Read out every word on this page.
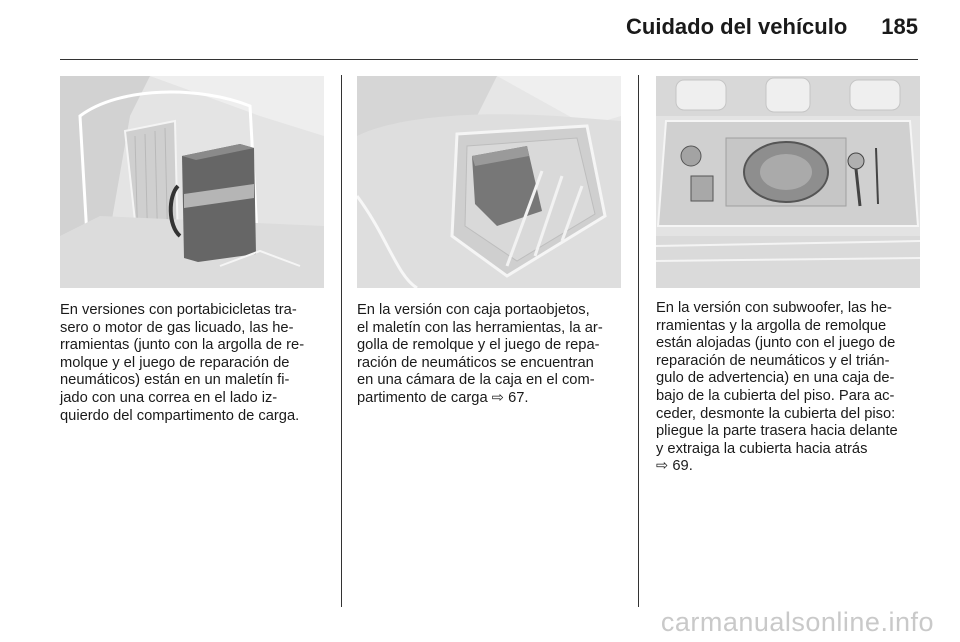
Cuidado del vehículo 185

En versiones con portabicicletas tra-
sero o motor de gas licuado, las he-
rramientas (junto con la argolla de re-
molque y el juego de reparación de
neumáticos) están en un maletín fi-
jado con una correa en el lado iz-
quierdo del compartimento de carga.

En la versión con caja portaobjetos,
el maletín con las herramientas, la ar-
golla de remolque y el juego de repa-
ración de neumáticos se encuentran
en una cámara de la caja en el com-
partimento de carga ⇨ 67.

En la versión con subwoofer, las he-
rramientas y la argolla de remolque
están alojadas (junto con el juego de
reparación de neumáticos y el trián-
gulo de advertencia) en una caja de-
bajo de la cubierta del piso. Para ac-
ceder, desmonte la cubierta del piso:
pliegue la parte trasera hacia delante
y extraiga la cubierta hacia atrás
⇨ 69.

carmanualsonline.info
